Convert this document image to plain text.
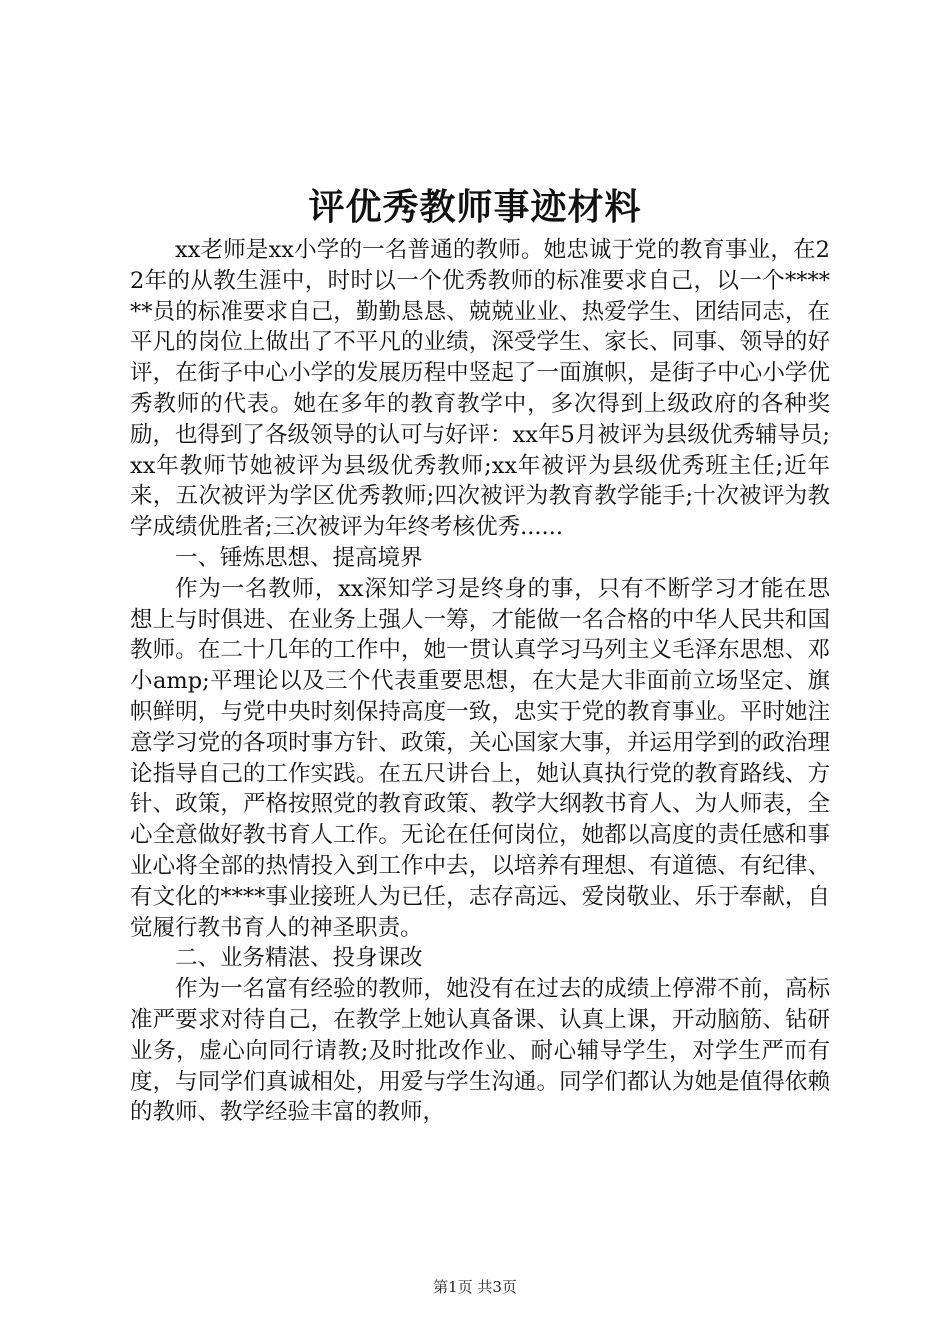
评优秀教师事迹材料

xx老师是xx小学的一名普通的教师。她忠诚于党的教育事业，在22年的从教生涯中，时时以一个优秀教师的标准要求自己，以一个******员的标准要求自己，勤勤恳恳、兢兢业业、热爱学生、团结同志，在平凡的岗位上做出了不平凡的业绩，深受学生、家长、同事、领导的好评，在街子中心小学的发展历程中竖起了一面旗帜，是街子中心小学优秀教师的代表。她在多年的教育教学中，多次得到上级政府的各种奖励，也得到了各级领导的认可与好评：xx年5月被评为县级优秀辅导员;xx年教师节她被评为县级优秀教师;xx年被评为县级优秀班主任;近年来，五次被评为学区优秀教师;四次被评为教育教学能手;十次被评为教学成绩优胜者;三次被评为年终考核优秀......

一、锤炼思想、提高境界

作为一名教师，xx深知学习是终身的事，只有不断学习才能在思想上与时俱进、在业务上强人一筹，才能做一名合格的中华人民共和国教师。在二十几年的工作中，她一贯认真学习马列主义毛泽东思想、邓小amp;平理论以及三个代表重要思想，在大是大非面前立场坚定、旗帜鲜明，与党中央时刻保持高度一致，忠实于党的教育事业。平时她注意学习党的各项时事方针、政策，关心国家大事，并运用学到的政治理论指导自己的工作实践。在五尺讲台上，她认真执行党的教育路线、方针、政策，严格按照党的教育政策、教学大纲教书育人、为人师表，全心全意做好教书育人工作。无论在任何岗位，她都以高度的责任感和事业心将全部的热情投入到工作中去，以培养有理想、有道德、有纪律、有文化的****事业接班人为已任，志存高远、爱岗敬业、乐于奉献，自觉履行教书育人的神圣职责。

二、业务精湛、投身课改

作为一名富有经验的教师，她没有在过去的成绩上停滞不前，高标准严要求对待自己，在教学上她认真备课、认真上课，开动脑筋、钻研业务，虚心向同行请教;及时批改作业、耐心辅导学生，对学生严而有度，与同学们真诚相处，用爱与学生沟通。同学们都认为她是值得依赖的教师、教学经验丰富的教师，

第1页 共3页
